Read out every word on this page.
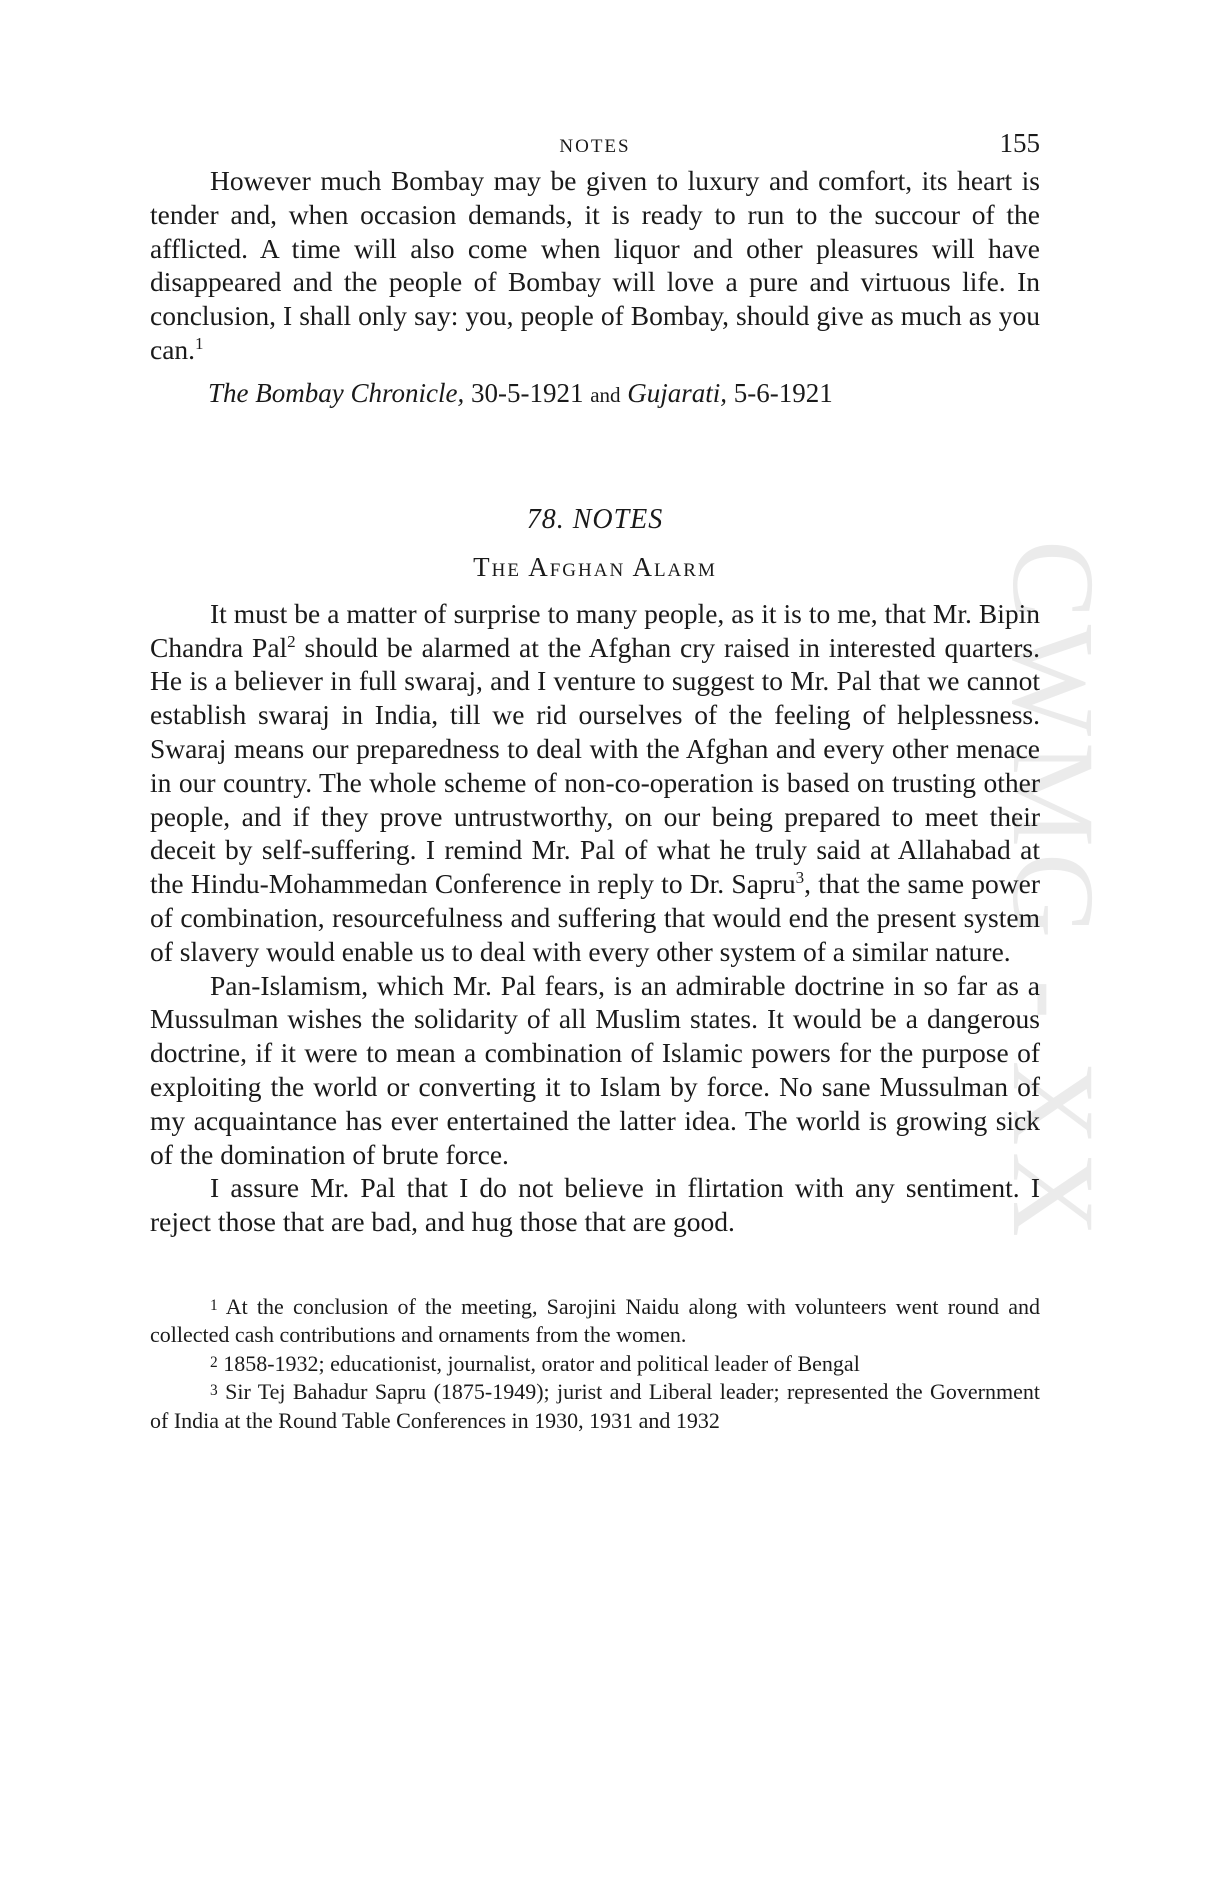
CWMG - XX
NOTES	155

However much Bombay may be given to luxury and comfort, its heart is tender and, when occasion demands, it is ready to run to the succour of the afflicted. A time will also come when liquor and other pleasures will have disappeared and the people of Bombay will love a pure and virtuous life. In conclusion, I shall only say: you, people of Bombay, should give as much as you can.$^1$

The Bombay Chronicle, 30-5-1921 and Gujarati, 5-6-1921
78. NOTES
The Afghan Alarm

It must be a matter of surprise to many people, as it is to me, that Mr. Bipin Chandra Pal$^2$ should be alarmed at the Afghan cry raised in interested quarters. He is a believer in full swaraj, and I venture to suggest to Mr. Pal that we cannot establish swaraj in India, till we rid ourselves of the feeling of helplessness. Swaraj means our preparedness to deal with the Afghan and every other menace in our country. The whole scheme of non-co-operation is based on trusting other people, and if they prove untrustworthy, on our being prepared to meet their deceit by self-suffering. I remind Mr. Pal of what he truly said at Allahabad at the Hindu-Mohammedan Conference in reply to Dr. Sapru$^3$, that the same power of combination, resourcefulness and suffering that would end the present system of slavery would enable us to deal with every other system of a similar nature.

Pan-Islamism, which Mr. Pal fears, is an admirable doctrine in so far as a Mussulman wishes the solidarity of all Muslim states. It would be a dangerous doctrine, if it were to mean a combination of Islamic powers for the purpose of exploiting the world or converting it to Islam by force. No sane Mussulman of my acquaintance has ever entertained the latter idea. The world is growing sick of the domination of brute force.

I assure Mr. Pal that I do not believe in flirtation with any sentiment. I reject those that are bad, and hug those that are good.

$^1$ At the conclusion of the meeting, Sarojini Naidu along with volunteers went round and collected cash contributions and ornaments from the women.

$^2$ 1858-1932; educationist, journalist, orator and political leader of Bengal

$^3$ Sir Tej Bahadur Sapru (1875-1949); jurist and Liberal leader; represented the Government of India at the Round Table Conferences in 1930, 1931 and 1932
